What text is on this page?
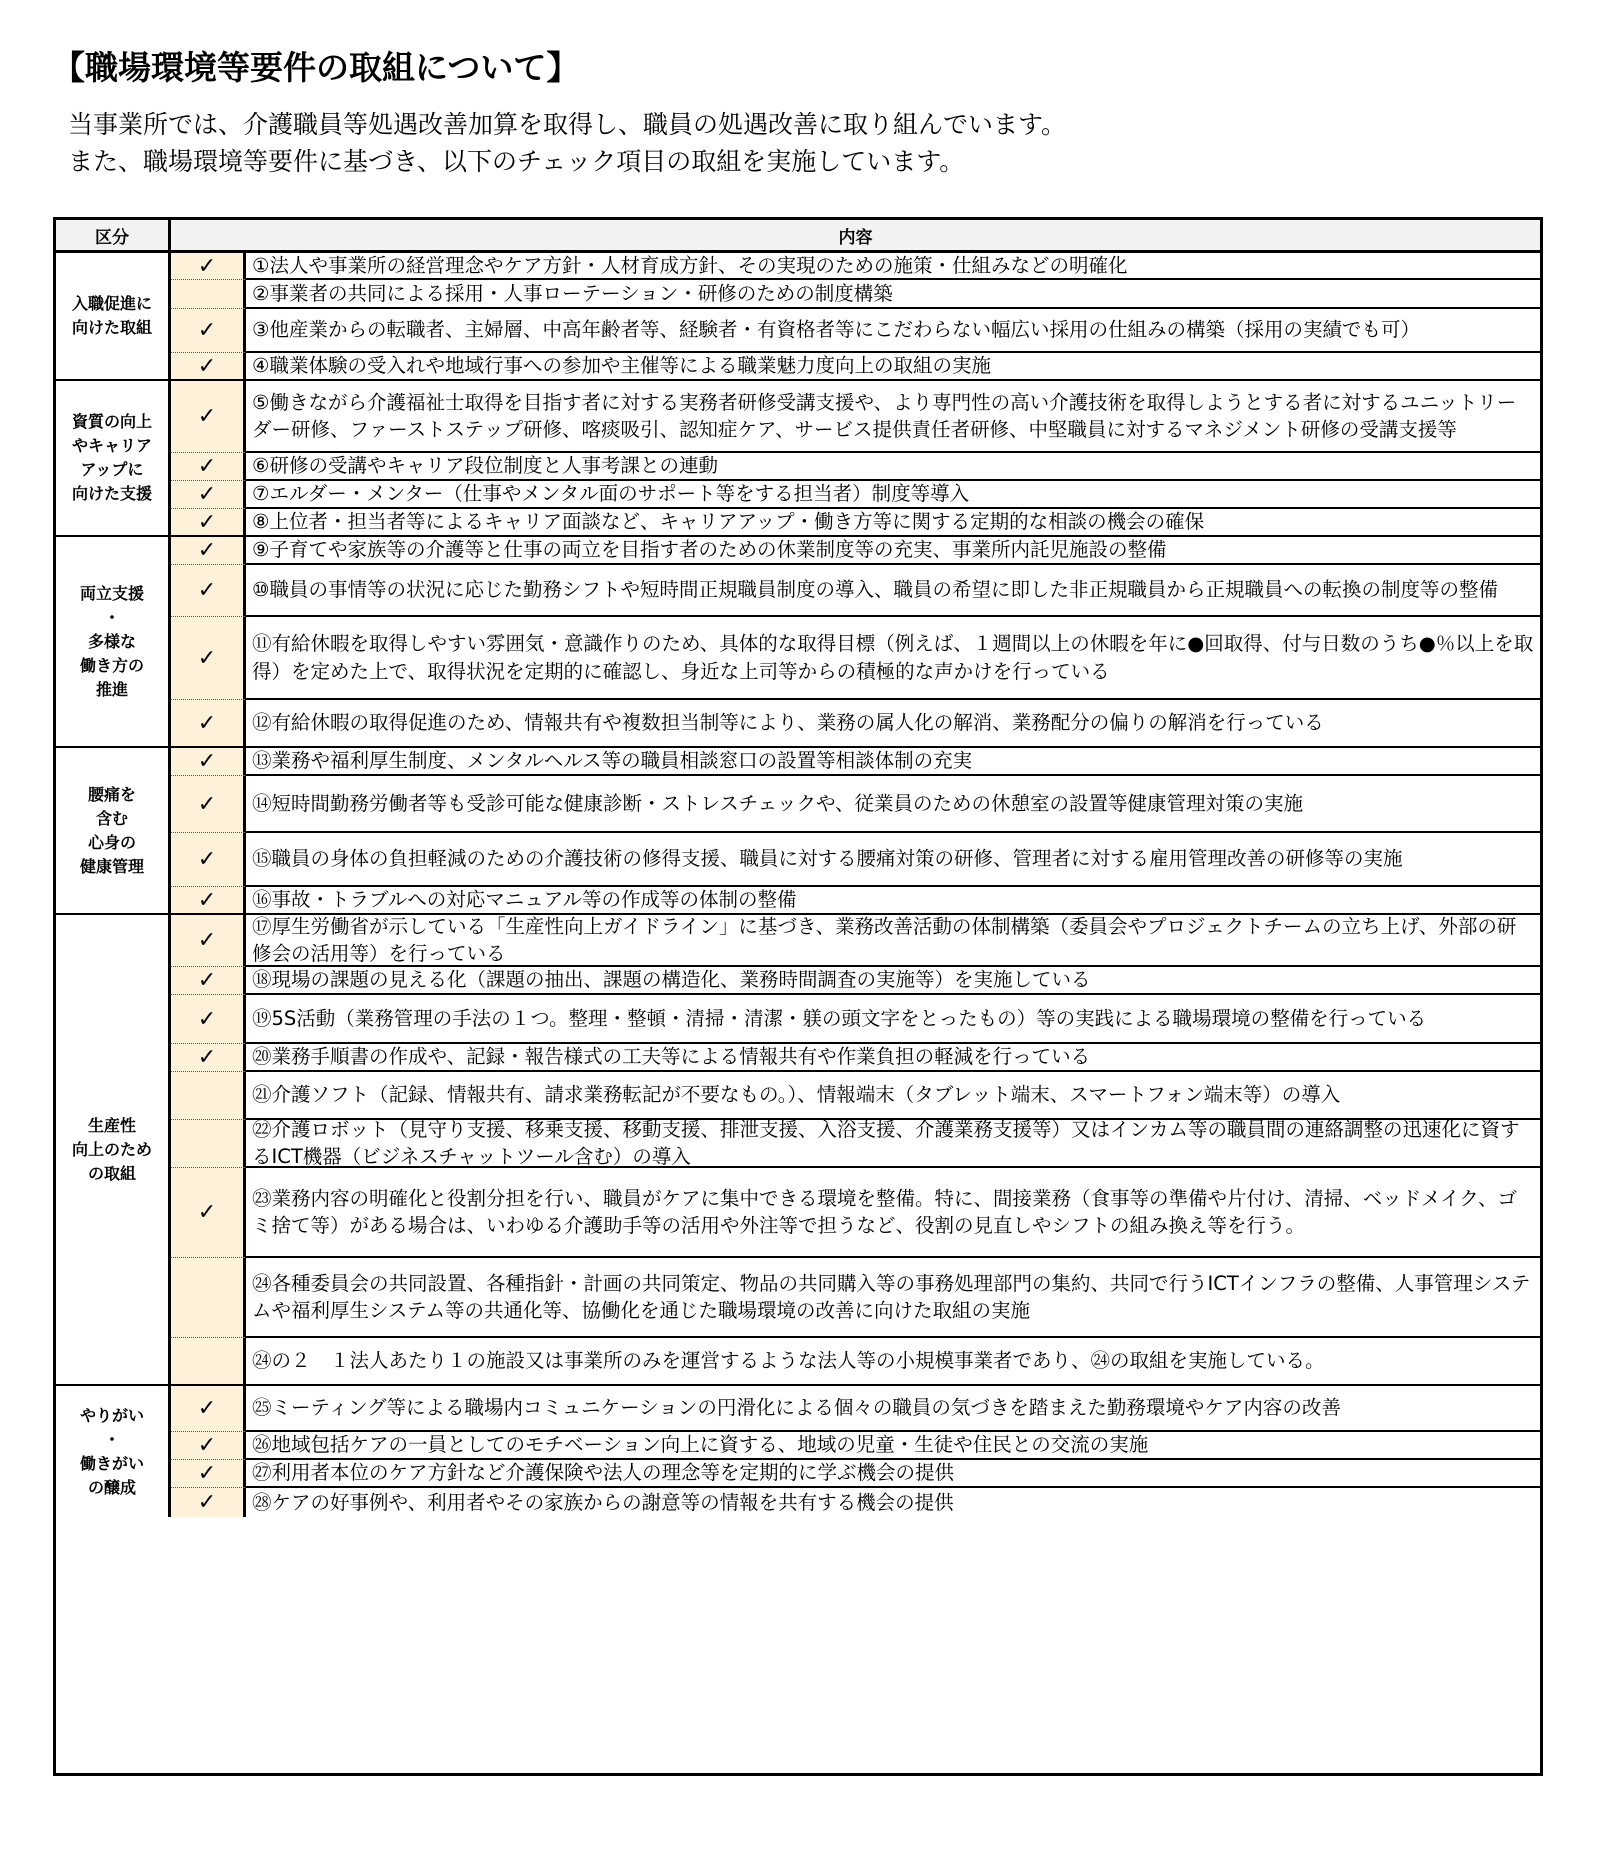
【職場環境等要件の取組について】
当事業所では、介護職員等処遇改善加算を取得し、職員の処遇改善に取り組んでいます。
また、職場環境等要件に基づき、以下のチェック項目の取組を実施しています。
区分	内容
入職促進に
向けた取組
✓	①法人や事業所の経営理念やケア方針・人材育成方針、その実現のための施策・仕組みなどの明確化
②事業者の共同による採用・人事ローテーション・研修のための制度構築
✓	③他産業からの転職者、主婦層、中高年齢者等、経験者・有資格者等にこだわらない幅広い採用の仕組みの構築（採用の実績でも可）
✓	④職業体験の受入れや地域行事への参加や主催等による職業魅力度向上の取組の実施
資質の向上
やキャリア
アップに
向けた支援
✓
⑤働きながら介護福祉士取得を目指す者に対する実務者研修受講支援や、より専門性の高い介護技術を取得しようとする者に対するユニットリーダー研修、ファーストステップ研修、喀痰吸引、認知症ケア、サービス提供責任者研修、中堅職員に対するマネジメント研修の受講支援等
✓	⑥研修の受講やキャリア段位制度と人事考課との連動
✓	⑦エルダー・メンター（仕事やメンタル面のサポート等をする担当者）制度等導入
✓	⑧上位者・担当者等によるキャリア面談など、キャリアアップ・働き方等に関する定期的な相談の機会の確保
両立支援
・
多様な
働き方の
推進
✓	⑨子育てや家族等の介護等と仕事の両立を目指す者のための休業制度等の充実、事業所内託児施設の整備
✓	⑩職員の事情等の状況に応じた勤務シフトや短時間正規職員制度の導入、職員の希望に即した非正規職員から正規職員への転換の制度等の整備
✓
⑪有給休暇を取得しやすい雰囲気・意識作りのため、具体的な取得目標（例えば、１週間以上の休暇を年に●回取得、付与日数のうち●％以上を取得）を定めた上で、取得状況を定期的に確認し、身近な上司等からの積極的な声かけを行っている
✓	⑫有給休暇の取得促進のため、情報共有や複数担当制等により、業務の属人化の解消、業務配分の偏りの解消を行っている
腰痛を
含む
心身の
健康管理
✓	⑬業務や福利厚生制度、メンタルヘルス等の職員相談窓口の設置等相談体制の充実
✓	⑭短時間勤務労働者等も受診可能な健康診断・ストレスチェックや、従業員のための休憩室の設置等健康管理対策の実施
✓	⑮職員の身体の負担軽減のための介護技術の修得支援、職員に対する腰痛対策の研修、管理者に対する雇用管理改善の研修等の実施
✓	⑯事故・トラブルへの対応マニュアル等の作成等の体制の整備
生産性
向上のため
の取組
✓
⑰厚生労働省が示している「生産性向上ガイドライン」に基づき、業務改善活動の体制構築（委員会やプロジェクトチームの立ち上げ、外部の研修会の活用等）を行っている
✓	⑱現場の課題の見える化（課題の抽出、課題の構造化、業務時間調査の実施等）を実施している
✓	⑲5S活動（業務管理の手法の１つ。整理・整頓・清掃・清潔・躾の頭文字をとったもの）等の実践による職場環境の整備を行っている
✓	⑳業務手順書の作成や、記録・報告様式の工夫等による情報共有や作業負担の軽減を行っている
㉑介護ソフト（記録、情報共有、請求業務転記が不要なもの。）、情報端末（タブレット端末、スマートフォン端末等）の導入
㉒介護ロボット（見守り支援、移乗支援、移動支援、排泄支援、入浴支援、介護業務支援等）又はインカム等の職員間の連絡調整の迅速化に資するICT機器（ビジネスチャットツール含む）の導入
✓
㉓業務内容の明確化と役割分担を行い、職員がケアに集中できる環境を整備。特に、間接業務（食事等の準備や片付け、清掃、ベッドメイク、ゴミ捨て等）がある場合は、いわゆる介護助手等の活用や外注等で担うなど、役割の見直しやシフトの組み換え等を行う。
㉔各種委員会の共同設置、各種指針・計画の共同策定、物品の共同購入等の事務処理部門の集約、共同で行うICTインフラの整備、人事管理システムや福利厚生システム等の共通化等、協働化を通じた職場環境の改善に向けた取組の実施
㉔の２　１法人あたり１の施設又は事業所のみを運営するような法人等の小規模事業者であり、㉔の取組を実施している。
やりがい
・
働きがい
の醸成
✓	㉕ミーティング等による職場内コミュニケーションの円滑化による個々の職員の気づきを踏まえた勤務環境やケア内容の改善
✓	㉖地域包括ケアの一員としてのモチベーション向上に資する、地域の児童・生徒や住民との交流の実施
✓	㉗利用者本位のケア方針など介護保険や法人の理念等を定期的に学ぶ機会の提供
✓	㉘ケアの好事例や、利用者やその家族からの謝意等の情報を共有する機会の提供
